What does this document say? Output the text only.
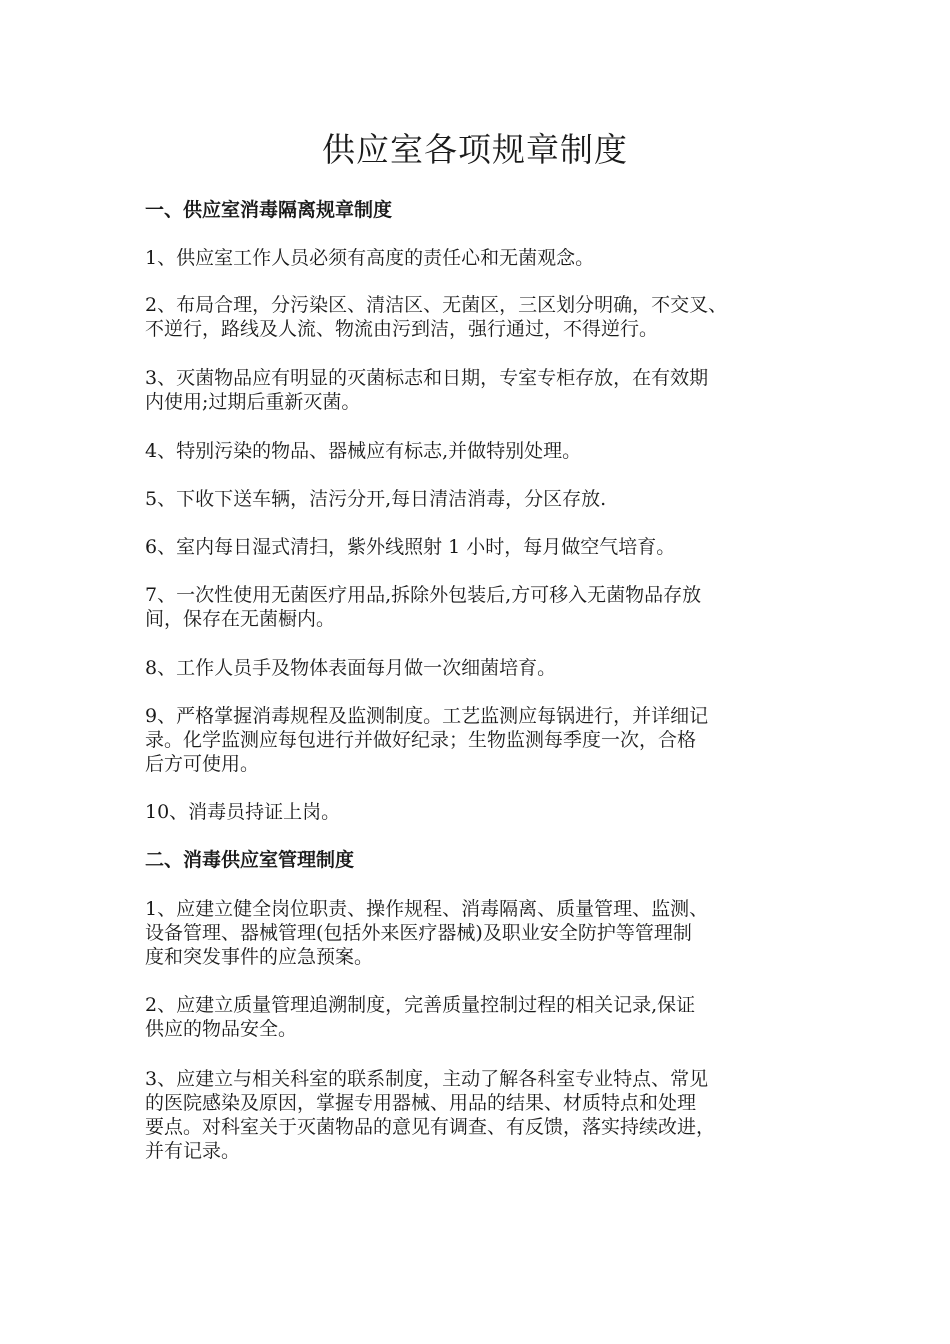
供应室各项规章制度
一、供应室消毒隔离规章制度

1、供应室工作人员必须有高度的责任心和无菌观念。

2、布局合理，分污染区、清洁区、无菌区，三区划分明确，不交叉、
不逆行，路线及人流、物流由污到洁，强行通过，不得逆行。

3、灭菌物品应有明显的灭菌标志和日期，专室专柜存放，在有效期
内使用;过期后重新灭菌。

4、特别污染的物品、器械应有标志,并做特别处理。

5、下收下送车辆，洁污分开,每日清洁消毒，分区存放.

6、室内每日湿式清扫，紫外线照射 1 小时，每月做空气培育。

7、一次性使用无菌医疗用品,拆除外包装后,方可移入无菌物品存放
间，保存在无菌橱内。

8、工作人员手及物体表面每月做一次细菌培育。

9、严格掌握消毒规程及监测制度。工艺监测应每锅进行，并详细记
录。化学监测应每包进行并做好纪录；生物监测每季度一次，合格
后方可使用。

10、消毒员持证上岗。

二、消毒供应室管理制度

1、应建立健全岗位职责、操作规程、消毒隔离、质量管理、监测、
设备管理、器械管理(包括外来医疗器械)及职业安全防护等管理制
度和突发事件的应急预案。

2、应建立质量管理追溯制度，完善质量控制过程的相关记录,保证
供应的物品安全。

3、应建立与相关科室的联系制度，主动了解各科室专业特点、常见
的医院感染及原因，掌握专用器械、用品的结果、材质特点和处理
要点。对科室关于灭菌物品的意见有调查、有反馈，落实持续改进，
并有记录。
